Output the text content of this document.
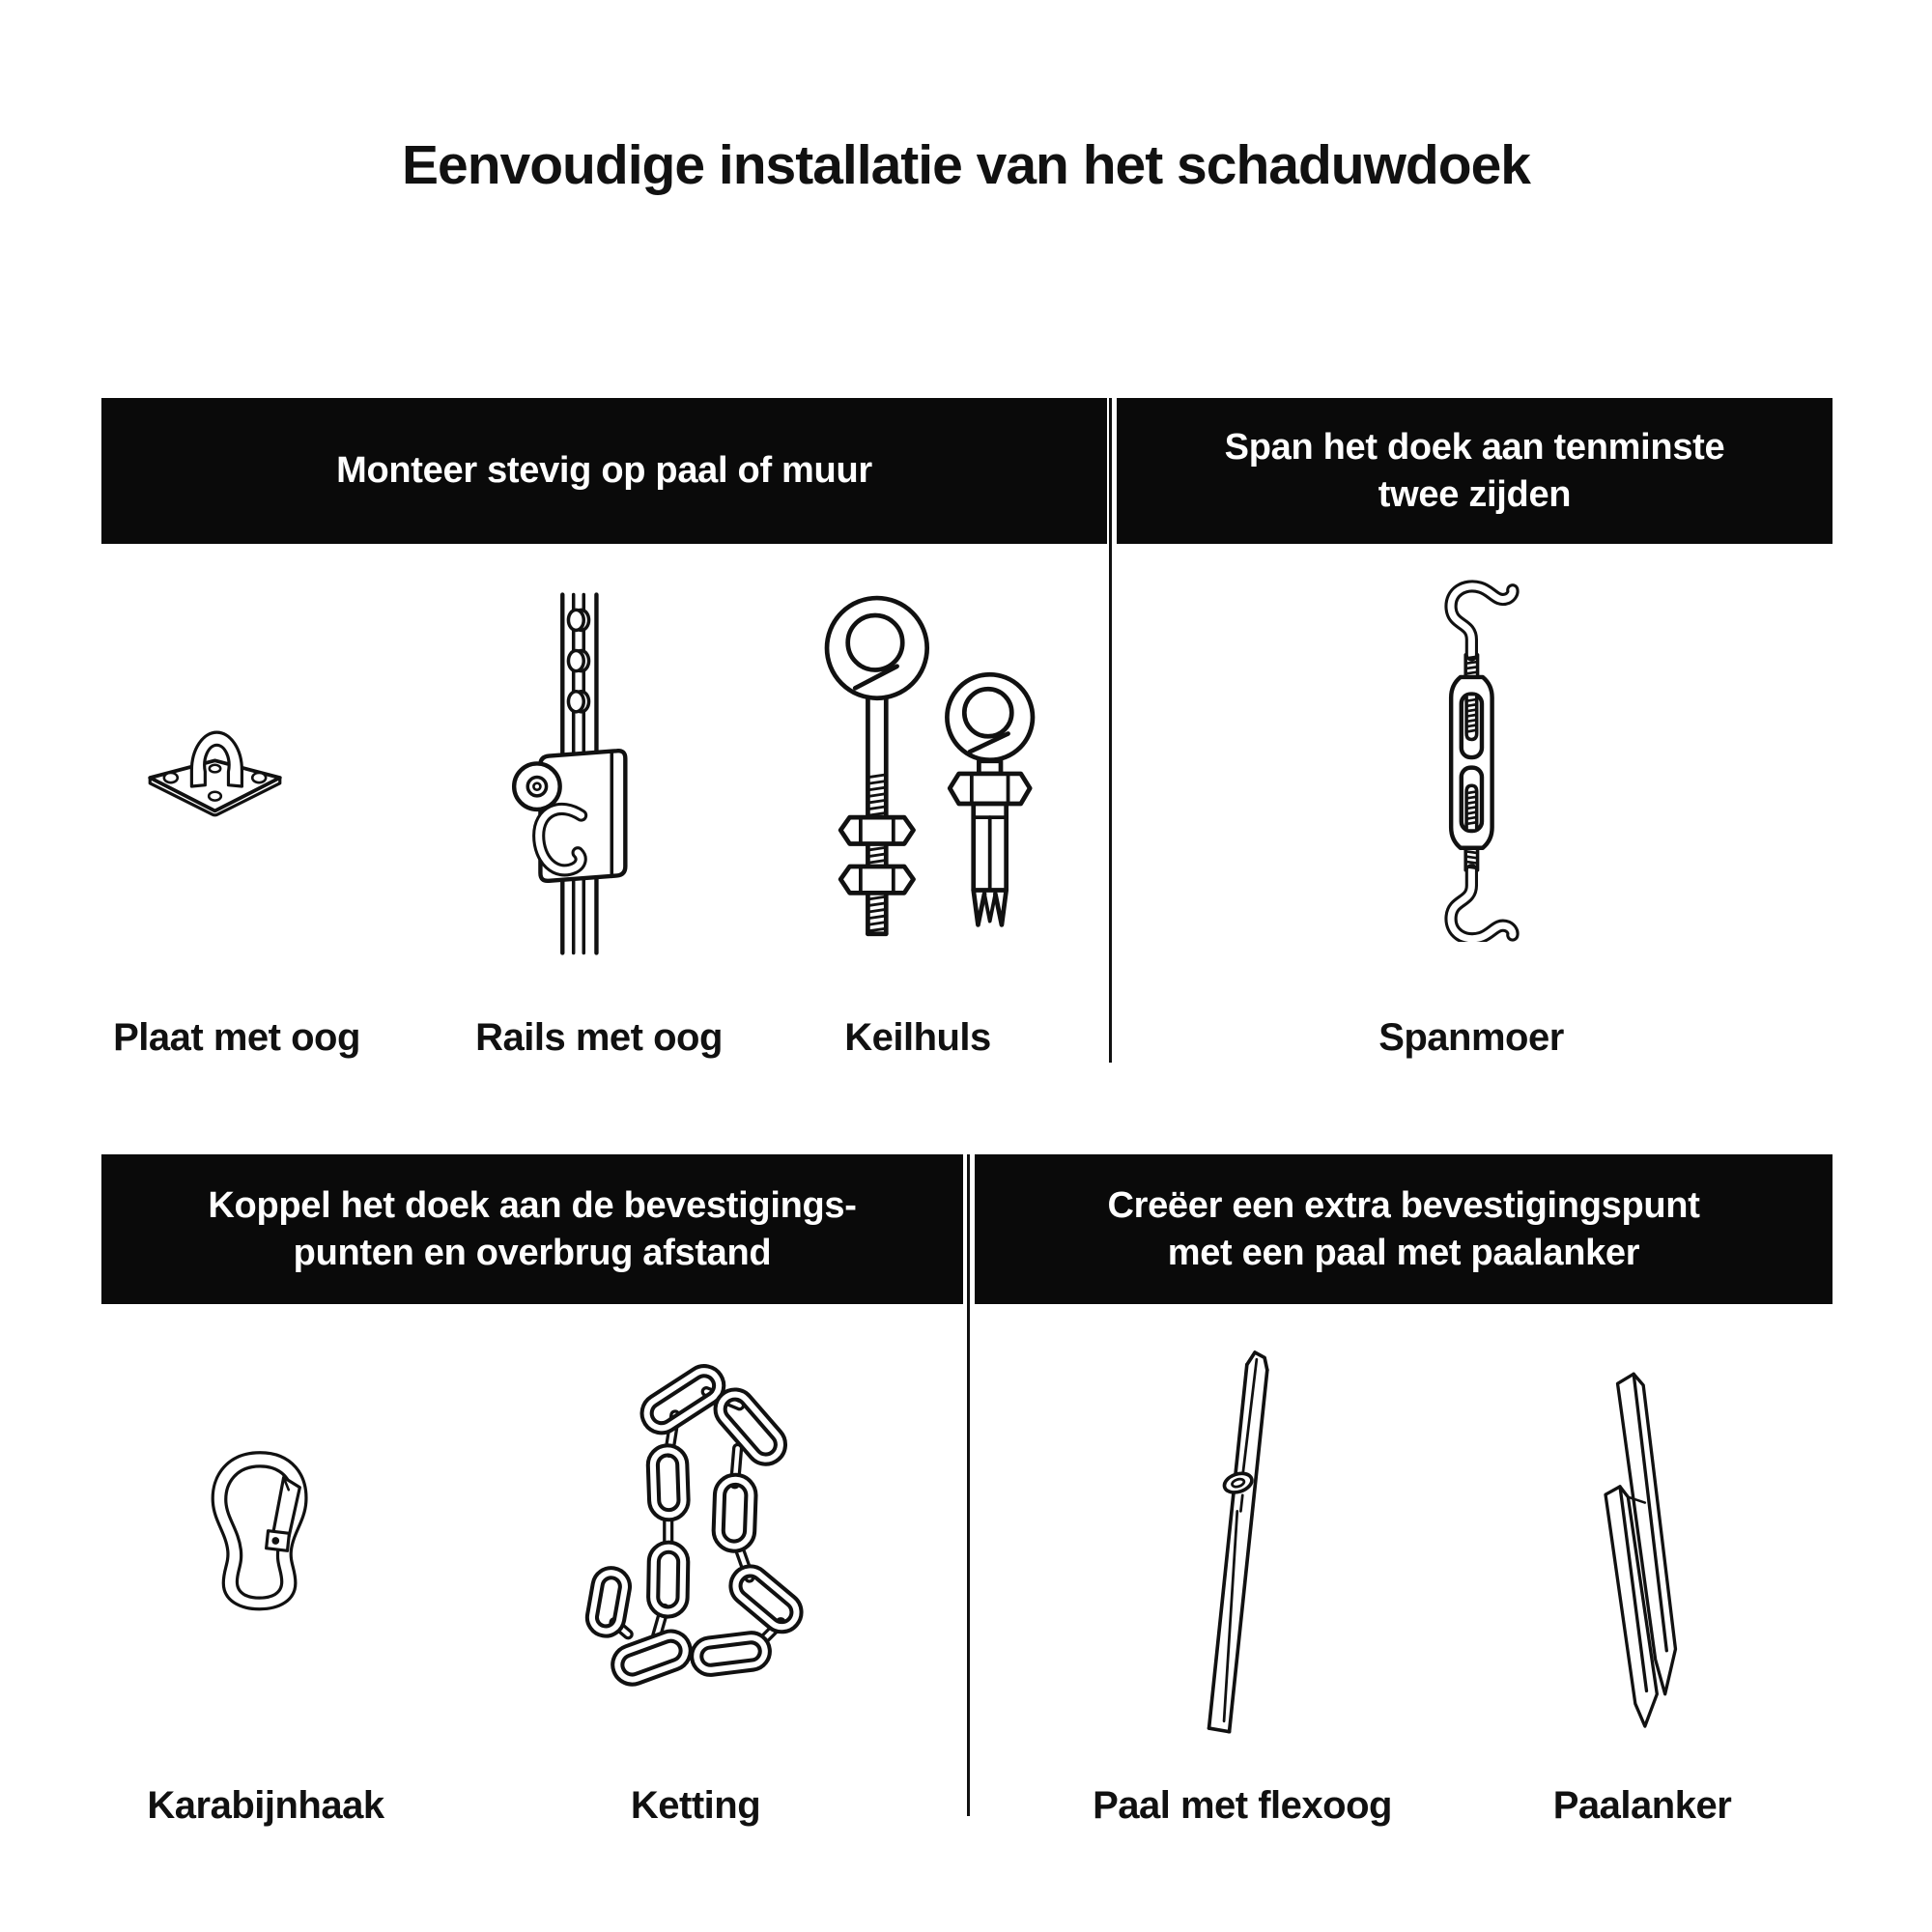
Eenvoudige installatie van het schaduwdoek
Monteer stevig op paal of muur
Span het doek aan tenminste
twee zijden
Plaat met oog	Rails met oog	Keilhuls	Spanmoer
Koppel het doek aan de bevestigings-
punten en overbrug afstand
Creëer een extra bevestigingspunt
met een paal met paalanker
Karabijnhaak	Ketting	Paal met flexoog	Paalanker
